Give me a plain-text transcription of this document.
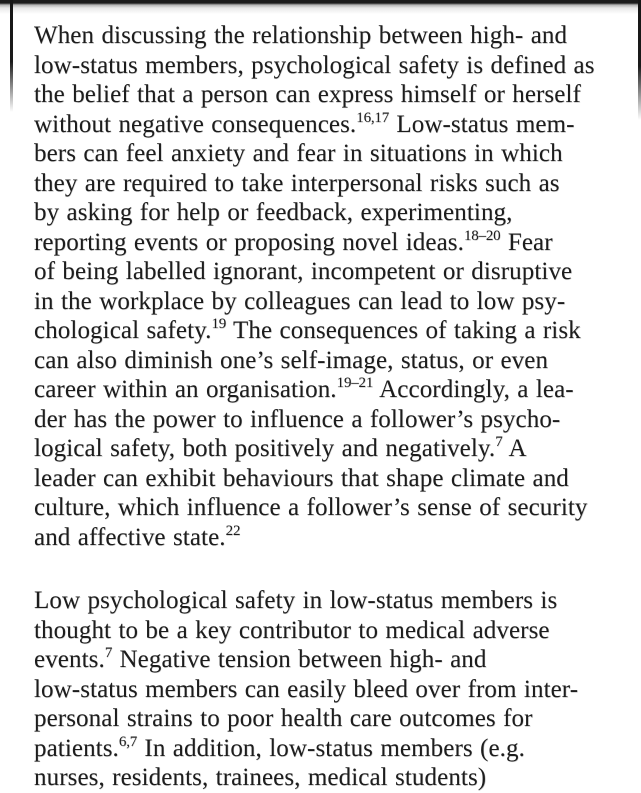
When discussing the relationship between high- and
low-status members, psychological safety is defined as
the belief that a person can express himself or herself
without negative consequences.16,17 Low-status mem-
bers can feel anxiety and fear in situations in which
they are required to take interpersonal risks such as
by asking for help or feedback, experimenting,
reporting events or proposing novel ideas.18–20 Fear
of being labelled ignorant, incompetent or disruptive
in the workplace by colleagues can lead to low psy-
chological safety.19 The consequences of taking a risk
can also diminish one’s self-image, status, or even
career within an organisation.19–21 Accordingly, a lea-
der has the power to influence a follower’s psycho-
logical safety, both positively and negatively.7 A
leader can exhibit behaviours that shape climate and
culture, which influence a follower’s sense of security
and affective state.22

Low psychological safety in low-status members is
thought to be a key contributor to medical adverse
events.7 Negative tension between high- and
low-status members can easily bleed over from inter-
personal strains to poor health care outcomes for
patients.6,7 In addition, low-status members (e.g.
nurses, residents, trainees, medical students)
